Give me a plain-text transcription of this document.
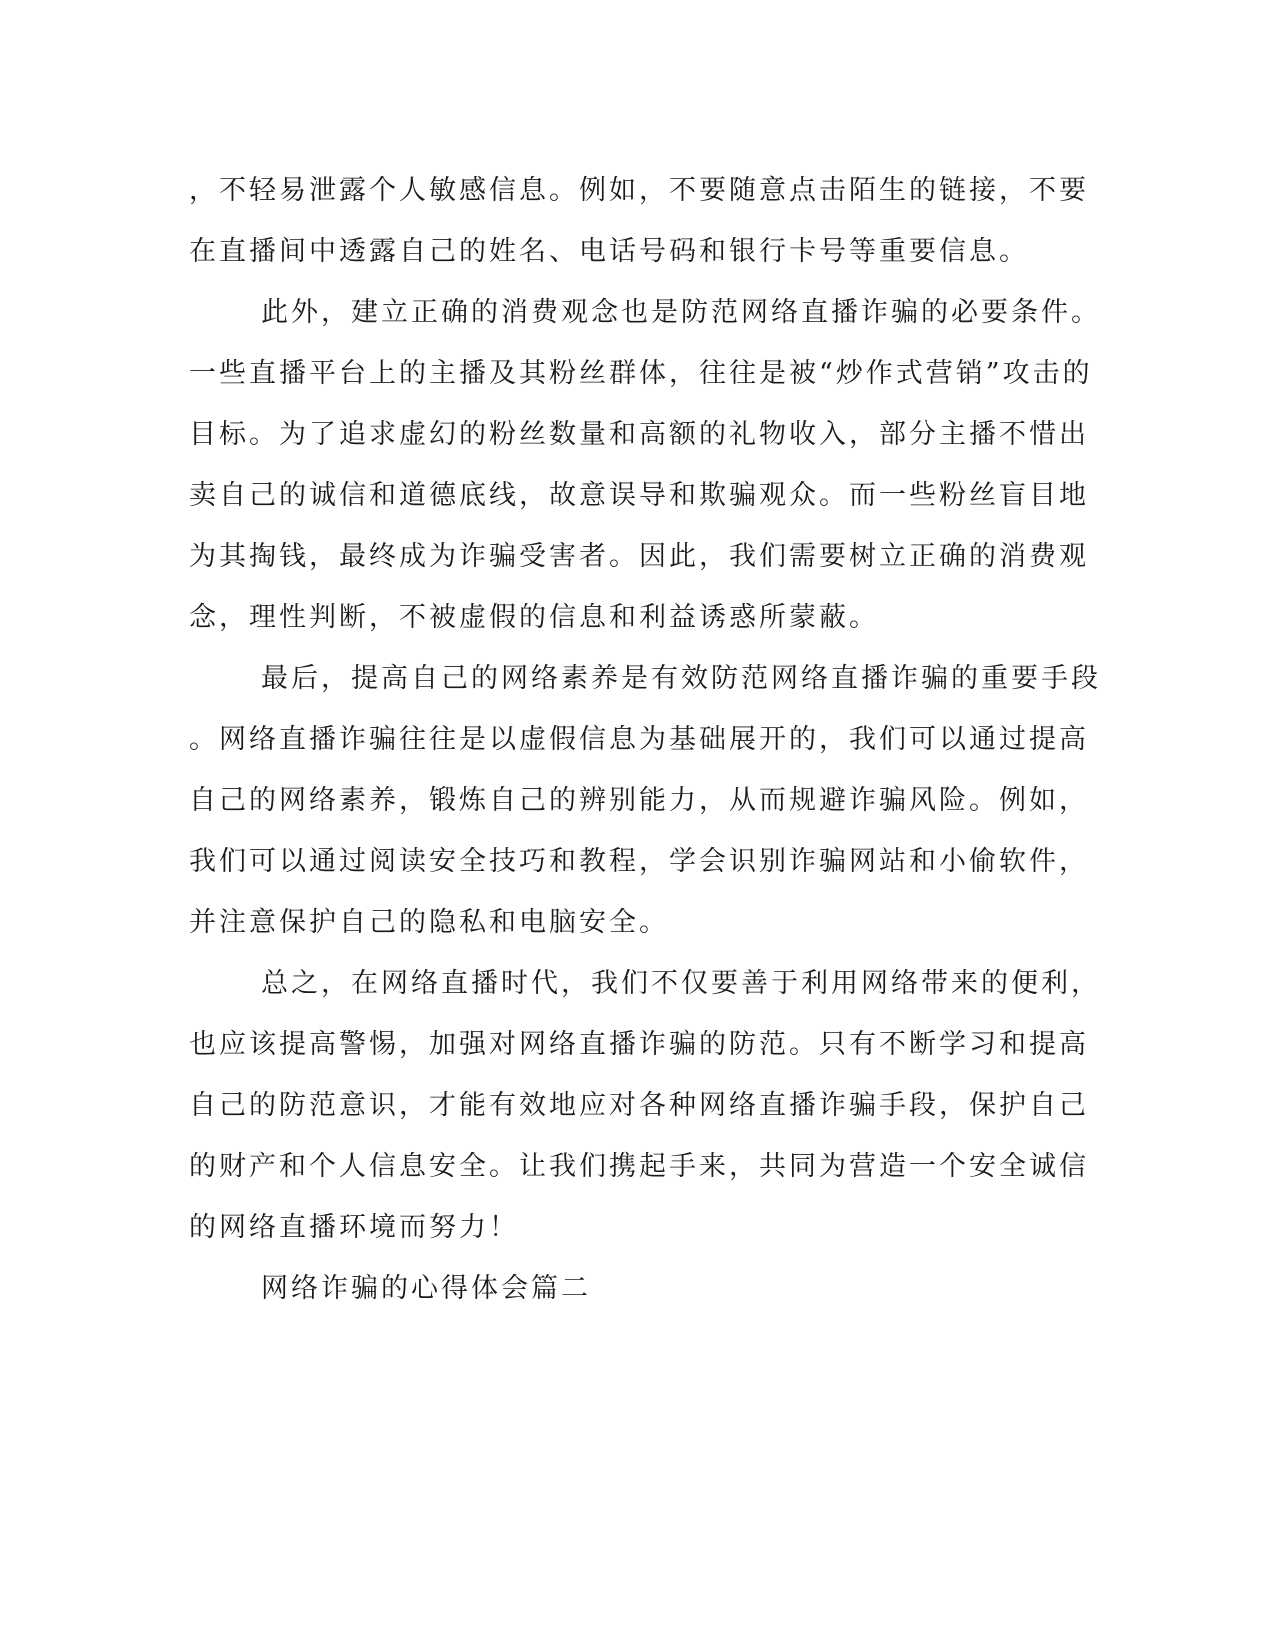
，不轻易泄露个人敏感信息。例如，不要随意点击陌生的链接，不要
在直播间中透露自己的姓名、电话号码和银行卡号等重要信息。
此外，建立正确的消费观念也是防范网络直播诈骗的必要条件。
一些直播平台上的主播及其粉丝群体，往往是被“炒作式营销”攻击的
目标。为了追求虚幻的粉丝数量和高额的礼物收入，部分主播不惜出
卖自己的诚信和道德底线，故意误导和欺骗观众。而一些粉丝盲目地
为其掏钱，最终成为诈骗受害者。因此，我们需要树立正确的消费观
念，理性判断，不被虚假的信息和利益诱惑所蒙蔽。
最后，提高自己的网络素养是有效防范网络直播诈骗的重要手段
。网络直播诈骗往往是以虚假信息为基础展开的，我们可以通过提高
自己的网络素养，锻炼自己的辨别能力，从而规避诈骗风险。例如，
我们可以通过阅读安全技巧和教程，学会识别诈骗网站和小偷软件，
并注意保护自己的隐私和电脑安全。
总之，在网络直播时代，我们不仅要善于利用网络带来的便利，
也应该提高警惕，加强对网络直播诈骗的防范。只有不断学习和提高
自己的防范意识，才能有效地应对各种网络直播诈骗手段，保护自己
的财产和个人信息安全。让我们携起手来，共同为营造一个安全诚信
的网络直播环境而努力！
网络诈骗的心得体会篇二
